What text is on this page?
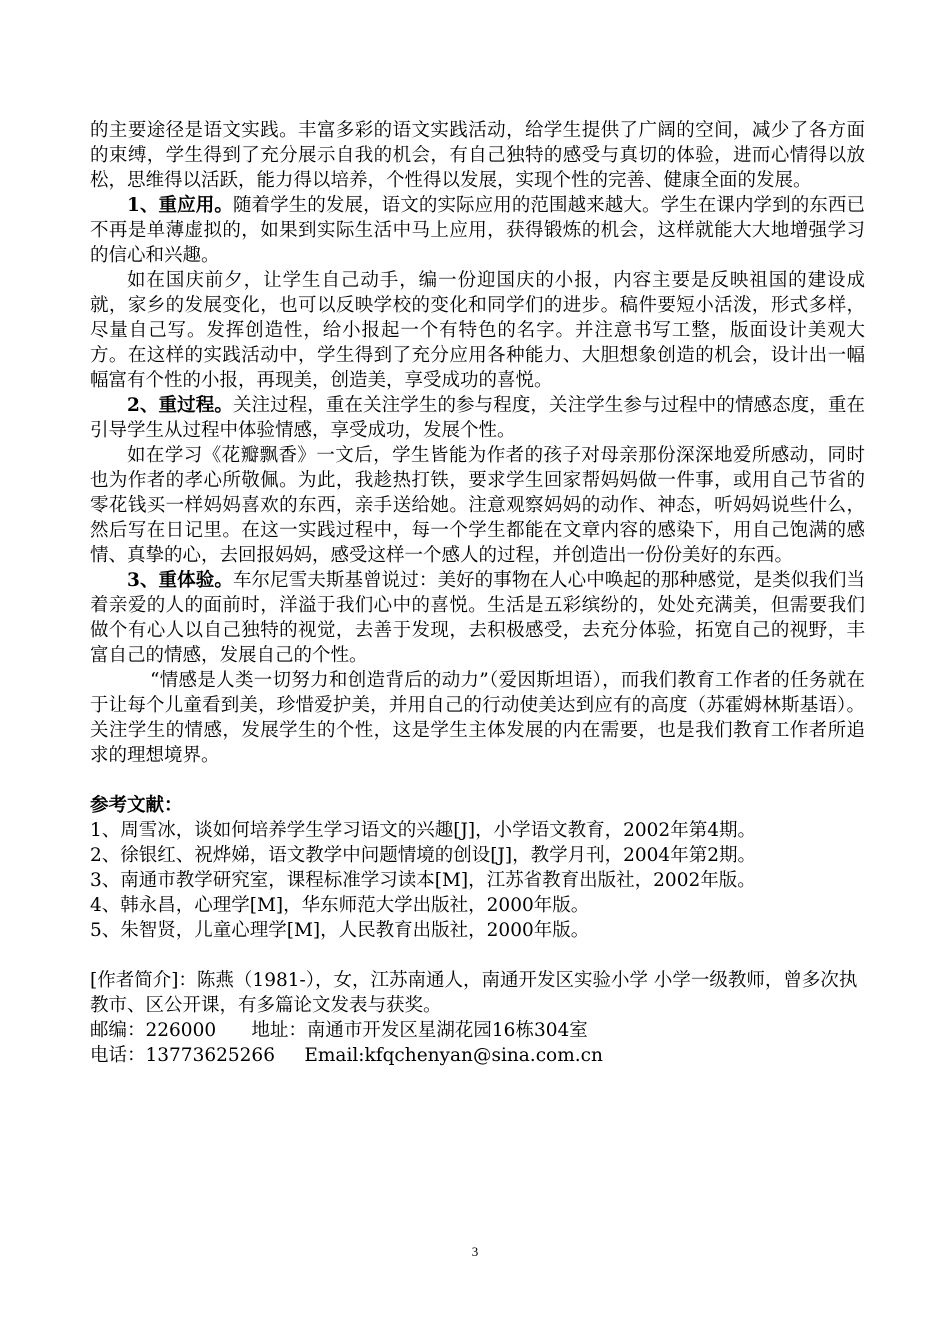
的主要途径是语文实践。丰富多彩的语文实践活动，给学生提供了广阔的空间，减少了各方面的束缚，学生得到了充分展示自我的机会，有自己独特的感受与真切的体验，进而心情得以放松，思维得以活跃，能力得以培养，个性得以发展，实现个性的完善、健康全面的发展。

1、重应用。随着学生的发展，语文的实际应用的范围越来越大。学生在课内学到的东西已不再是单薄虚拟的，如果到实际生活中马上应用，获得锻炼的机会，这样就能大大地增强学习的信心和兴趣。

如在国庆前夕，让学生自己动手，编一份迎国庆的小报，内容主要是反映祖国的建设成就，家乡的发展变化，也可以反映学校的变化和同学们的进步。稿件要短小活泼，形式多样，尽量自己写。发挥创造性，给小报起一个有特色的名字。并注意书写工整，版面设计美观大方。在这样的实践活动中，学生得到了充分应用各种能力、大胆想象创造的机会，设计出一幅幅富有个性的小报，再现美，创造美，享受成功的喜悦。

2、重过程。关注过程，重在关注学生的参与程度，关注学生参与过程中的情感态度，重在引导学生从过程中体验情感，享受成功，发展个性。

如在学习《花瓣飘香》一文后，学生皆能为作者的孩子对母亲那份深深地爱所感动，同时也为作者的孝心所敬佩。为此，我趁热打铁，要求学生回家帮妈妈做一件事，或用自己节省的零花钱买一样妈妈喜欢的东西，亲手送给她。注意观察妈妈的动作、神态，听妈妈说些什么，然后写在日记里。在这一实践过程中，每一个学生都能在文章内容的感染下，用自己饱满的感情、真挚的心，去回报妈妈，感受这样一个感人的过程，并创造出一份份美好的东西。

3、重体验。车尔尼雪夫斯基曾说过：美好的事物在人心中唤起的那种感觉，是类似我们当着亲爱的人的面前时，洋溢于我们心中的喜悦。生活是五彩缤纷的，处处充满美，但需要我们做个有心人以自己独特的视觉，去善于发现，去积极感受，去充分体验，拓宽自己的视野，丰富自己的情感，发展自己的个性。

“情感是人类一切努力和创造背后的动力”（爱因斯坦语），而我们教育工作者的任务就在于让每个儿童看到美，珍惜爱护美，并用自己的行动使美达到应有的高度（苏霍姆林斯基语）。关注学生的情感，发展学生的个性，这是学生主体发展的内在需要，也是我们教育工作者所追求的理想境界。

参考文献：

1、周雪冰，谈如何培养学生学习语文的兴趣[J]，小学语文教育，2002年第4期。

2、徐银红、祝烨娣，语文教学中问题情境的创设[J]，教学月刊，2004年第2期。

3、南通市教学研究室，课程标准学习读本[M]，江苏省教育出版社，2002年版。

4、韩永昌，心理学[M]，华东师范大学出版社，2000年版。

5、朱智贤，儿童心理学[M]，人民教育出版社，2000年版。

[作者简介]：陈燕（1981-），女，江苏南通人，南通开发区实验小学 小学一级教师，曾多次执教市、区公开课，有多篇论文发表与获奖。

邮编：226000      地址：南通市开发区星湖花园16栋304室

电话：13773625266     Email:kfqchenyan@sina.com.cn

3
